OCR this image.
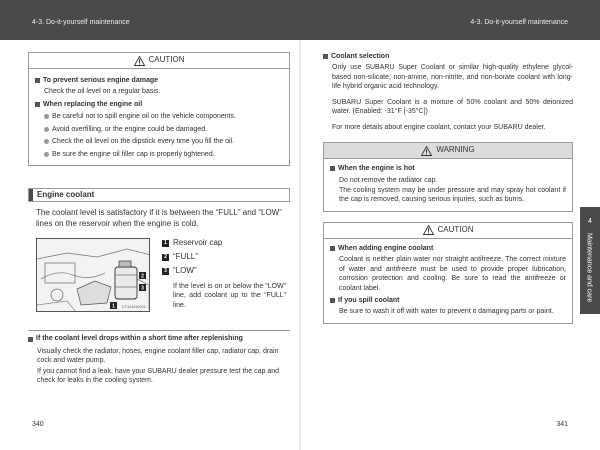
4-3. Do-it-yourself maintenance	4-3. Do-it-yourself maintenance
CAUTION
To prevent serious engine damage
Check the oil level on a regular basis.
When replacing the engine oil
Be careful not to spill engine oil on the vehicle components.
Avoid overfilling, or the engine could be damaged.
Check the oil level on the dipstick every time you fill the oil.
Be sure the engine oil filler cap is properly tightened.
Engine coolant
The coolant level is satisfactory if it is between the “FULL” and “LOW” lines on the reservoir when the engine is cold.
1
2
3
CT44AN0002
1 Reservoir cap
2 “FULL”
3 “LOW”
If the level is on or below the “LOW” line, add coolant up to the “FULL” line.
If the coolant level drops within a short time after replenishing
Visually check the radiator, hoses, engine coolant filler cap, radiator cap, drain cock and water pump.
If you cannot find a leak, have your SUBARU dealer pressure test the cap and check for leaks in the cooling system.
Coolant selection
Only use SUBARU Super Coolant or similar high-quality ethylene glycol-based non-silicate, non-amine, non-nitrite, and non-borate coolant with long-life hybrid organic acid technology.
SUBARU Super Coolant is a mixture of 50% coolant and 50% deionized water. (Enabled: -31°F [-35°C])
For more details about engine coolant, contact your SUBARU dealer.
WARNING
When the engine is hot
Do not remove the radiator cap.
The cooling system may be under pressure and may spray hot coolant if the cap is removed, causing serious injuries, such as burns.
CAUTION
When adding engine coolant
Coolant is neither plain water nor straight antifreeze. The correct mixture of water and antifreeze must be used to provide proper lubrication, corrosion protection and cooling. Be sure to read the antifreeze or coolant label.
If you spill coolant
Be sure to wash it off with water to prevent it damaging parts or paint.
4
Maintenance and care
340	341
